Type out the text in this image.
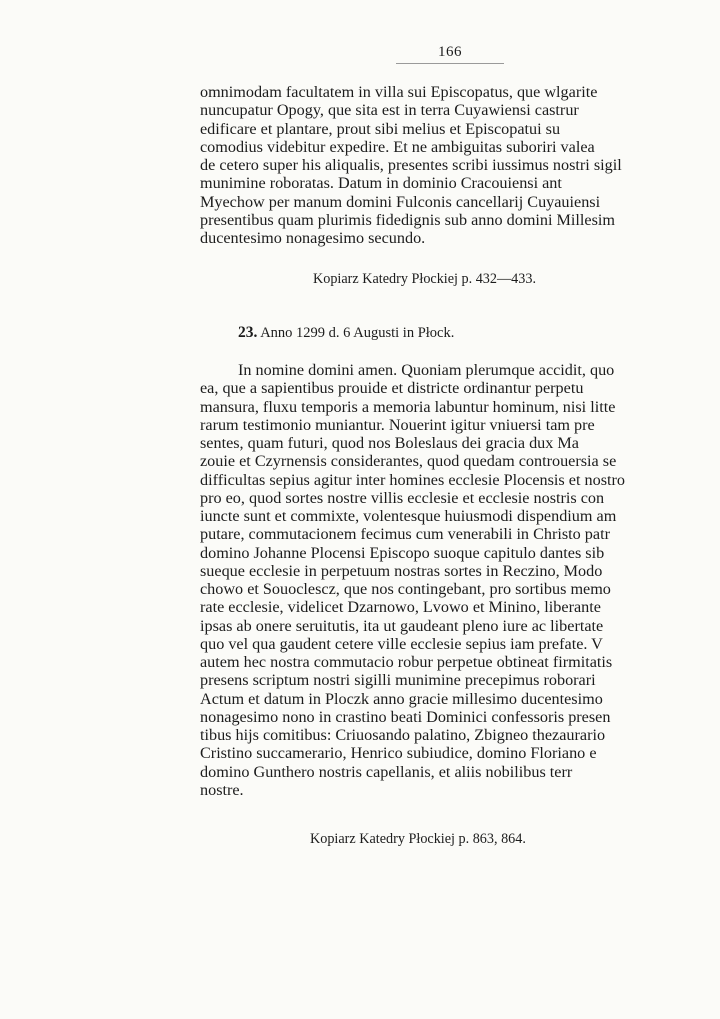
166
omnimodam facultatem in villa sui Episcopatus, que wlgarite
nuncupatur Opogy, que sita est in terra Cuyawiensi castrur
edificare et plantare, prout sibi melius et Episcopatui su
comodius videbitur expedire. Et ne ambiguitas suboriri valea
de cetero super his aliqualis, presentes scribi iussimus nostri sigil
munimine roboratas. Datum in dominio Cracouiensi ant
Myechow per manum domini Fulconis cancellarij Cuyauiensi
presentibus quam plurimis fidedignis sub anno domini Millesim
ducentesimo nonagesimo secundo.
Kopiarz Katedry Płockiej p. 432—433.
23. Anno 1299 d. 6 Augusti in Płock.
In nomine domini amen. Quoniam plerumque accidit, quo
ea, que a sapientibus prouide et districte ordinantur perpetu
mansura, fluxu temporis a memoria labuntur hominum, nisi litte
rarum testimonio muniantur. Nouerint igitur vniuersi tam pre
sentes, quam futuri, quod nos Boleslaus dei gracia dux Ma
zouie et Czyrnensis considerantes, quod quedam controuersia se
difficultas sepius agitur inter homines ecclesie Plocensis et nostro
pro eo, quod sortes nostre villis ecclesie et ecclesie nostris con
iuncte sunt et commixte, volentesque huiusmodi dispendium am
putare, commutacionem fecimus cum venerabili in Christo patr
domino Johanne Plocensi Episcopo suoque capitulo dantes sib
sueque ecclesie in perpetuum nostras sortes in Reczino, Modo
chowo et Souoclescz, que nos contingebant, pro sortibus memo
rate ecclesie, videlicet Dzarnowo, Lvowo et Minino, liberante
ipsas ab onere seruitutis, ita ut gaudeant pleno iure ac libertate
quo vel qua gaudent cetere ville ecclesie sepius iam prefate. V
autem hec nostra commutacio robur perpetue obtineat firmitatis
presens scriptum nostri sigilli munimine precepimus roborari
Actum et datum in Ploczk anno gracie millesimo ducentesimo
nonagesimo nono in crastino beati Dominici confessoris presen
tibus hijs comitibus: Criuosando palatino, Zbigneo thezaurario
Cristino succamerario, Henrico subiudice, domino Floriano e
domino Gunthero nostris capellanis, et aliis nobilibus terr
nostre.
Kopiarz Katedry Płockiej p. 863, 864.
